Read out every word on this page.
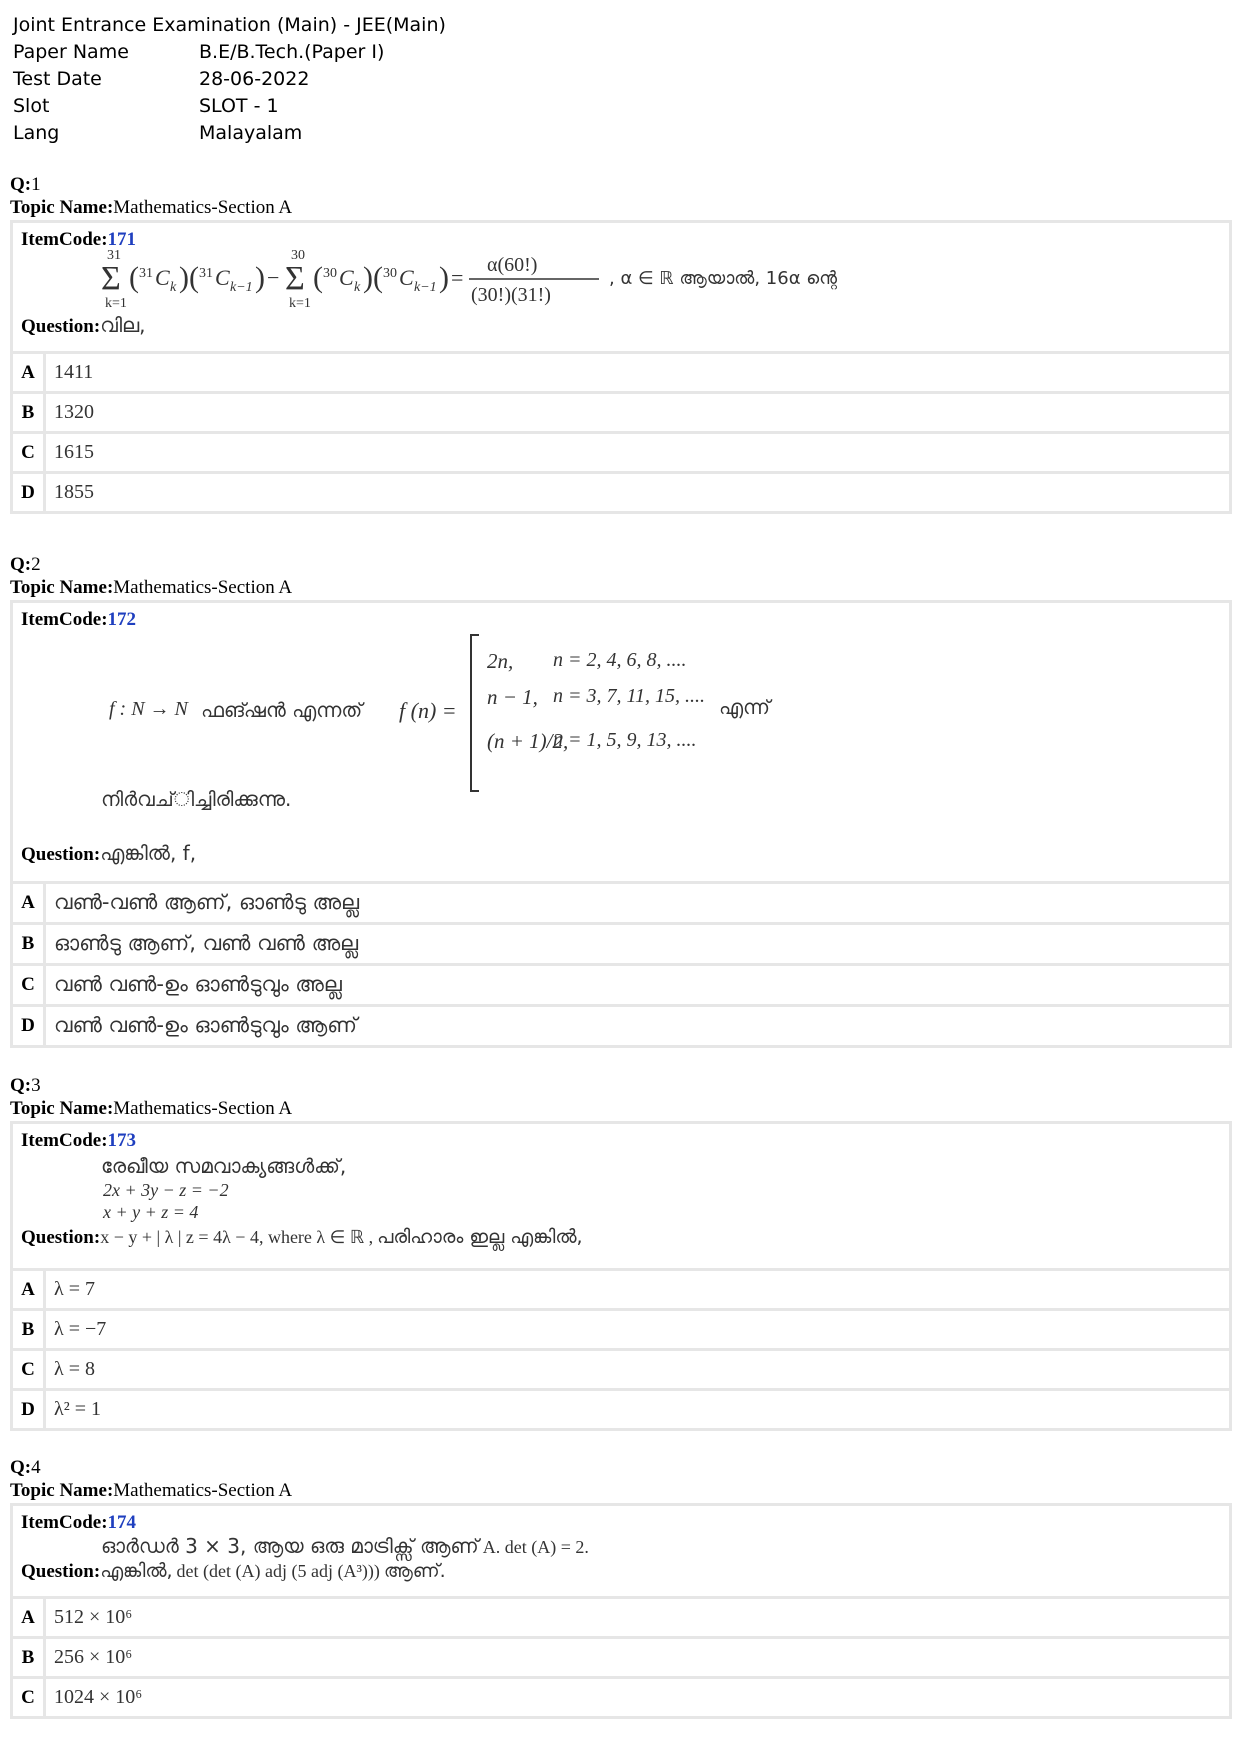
Joint Entrance Examination (Main) - JEE(Main)
Paper Name	B.E/B.Tech.(Paper I)
Test Date	28-06-2022
Slot	SLOT - 1
Lang	Malayalam
Q:1
Topic Name:Mathematics-Section A
ItemCode:171
31
Σ
k=1
( 31 C k ) ( 31 C k−1 ) −
30
Σ
k=1
( 30 C k ) ( 30 C k−1 ) = α(60!)
(30!)(31!)
, α ∈ ℝ ആയാൽ, 16α ന്റെ
Question:വില,
A 1411
B 1320
C 1615
D 1855
Q:2
Topic Name:Mathematics-Section A
ItemCode:172
f : N → N ഫങ്ഷൻ എന്നത് f (n) =
2n, n = 2, 4, 6, 8, ....
n − 1, n = 3, 7, 11, 15, ....
(n + 1)/2,
n = 1, 5, 9, 13, ....
എന്ന്
നിർവച്ിച്ചിരിക്കുന്നു.
Question:എങ്കിൽ, f,
A വൺ-വൺ ആണ്, ഓൺടു അല്ല
B ഓൺടു ആണ്, വൺ വൺ അല്ല
C വൺ വൺ-ഉം ഓൺടുവും അല്ല
D വൺ വൺ-ഉം ഓൺടുവും ആണ്
Q:3
Topic Name:Mathematics-Section A
ItemCode:173
രേഖീയ സമവാക്യങ്ങൾക്ക്,
2x + 3y − z = −2
x + y + z = 4
Question:x − y + | λ | z = 4λ − 4, where λ ∈ ℝ , പരിഹാരം ഇല്ല എങ്കിൽ,
A λ = 7
B λ = −7
C λ = 8
D λ² = 1
Q:4
Topic Name:Mathematics-Section A
ItemCode:174
ഓർഡർ 3 × 3, ആയ ഒരു മാട്രിക്സ് ആണ് A. det (A) = 2.
Question:എങ്കിൽ, det (det (A) adj (5 adj (A³))) ആണ്.
A 512 × 10⁶
B 256 × 10⁶
C 1024 × 10⁶
